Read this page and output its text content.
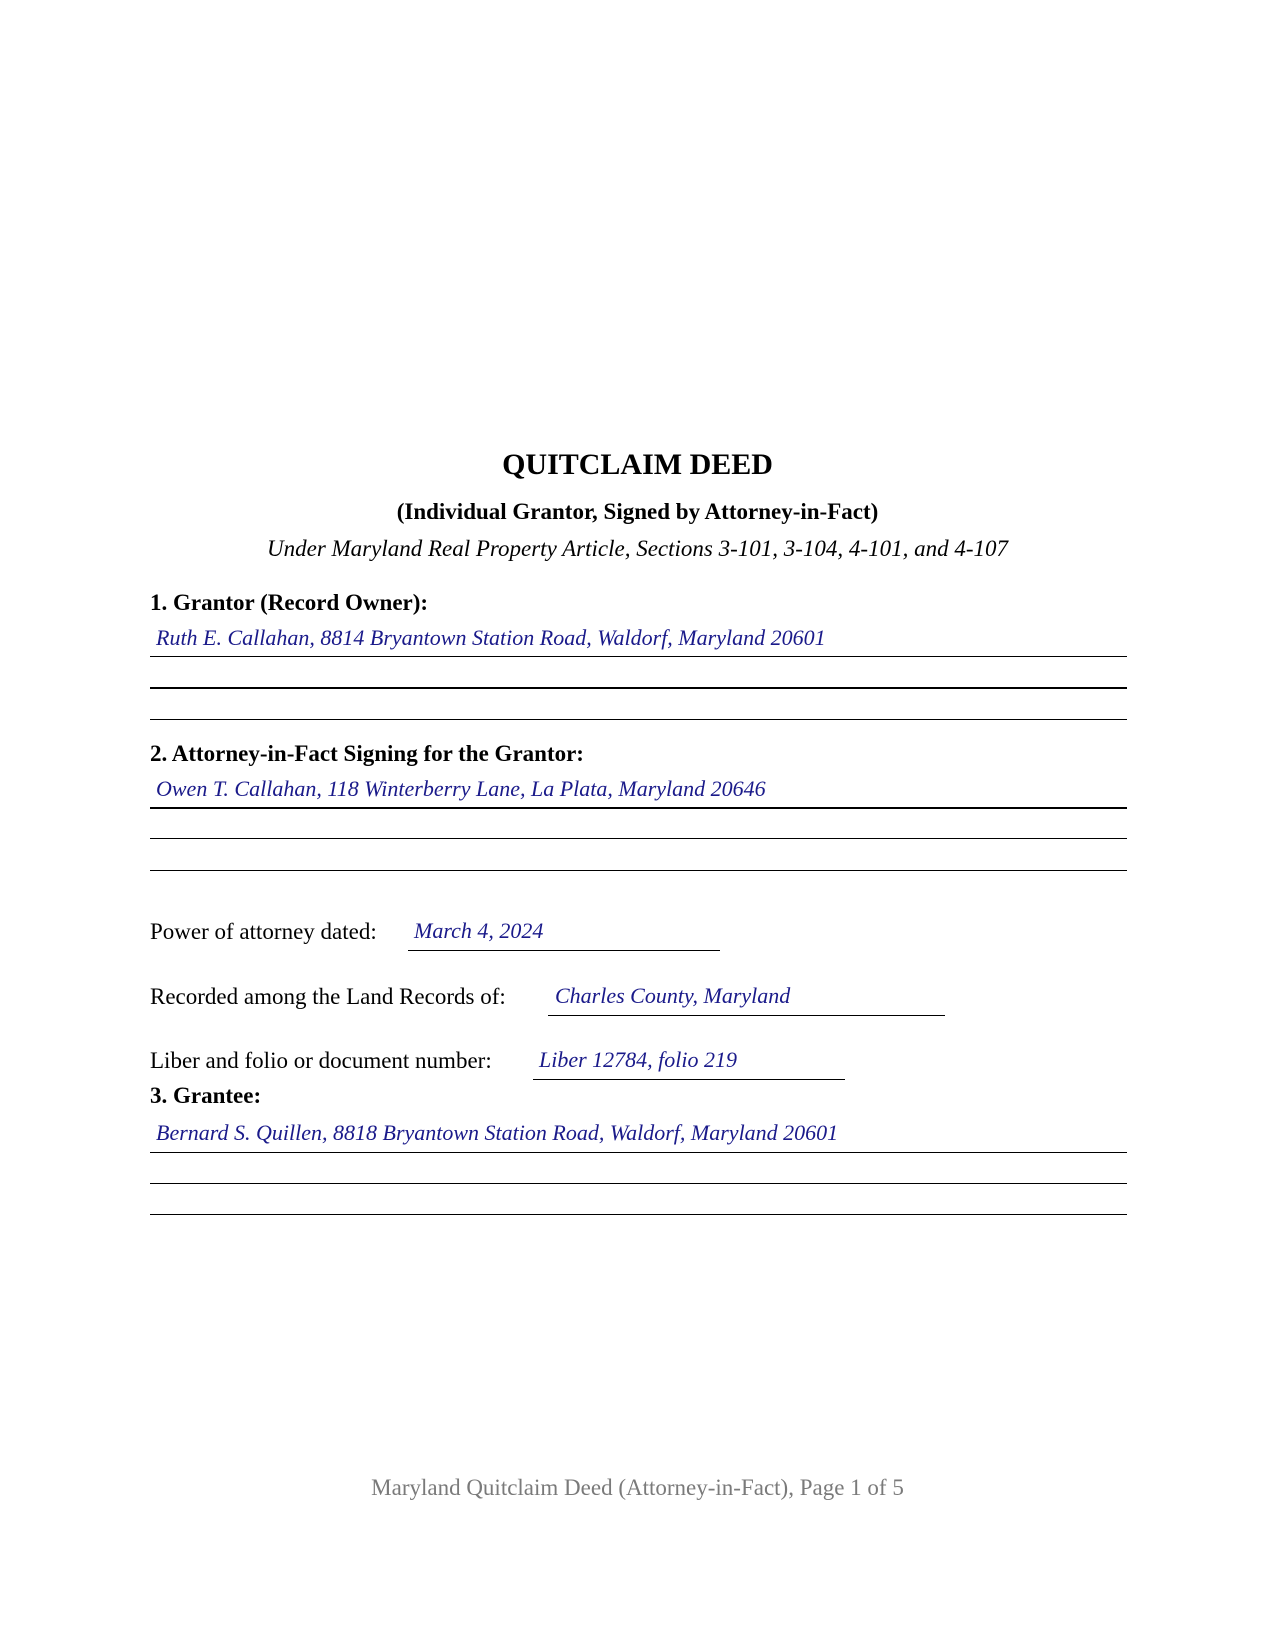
QUITCLAIM DEED
(Individual Grantor, Signed by Attorney-in-Fact)
Under Maryland Real Property Article, Sections 3-101, 3-104, 4-101, and 4-107
1. Grantor (Record Owner):
Ruth E. Callahan, 8814 Bryantown Station Road, Waldorf, Maryland 20601
2. Attorney-in-Fact Signing for the Grantor:
Owen T. Callahan, 118 Winterberry Lane, La Plata, Maryland 20646
Power of attorney dated: March 4, 2024
Recorded among the Land Records of: Charles County, Maryland
Liber and folio or document number: Liber 12784, folio 219
3. Grantee:
Bernard S. Quillen, 8818 Bryantown Station Road, Waldorf, Maryland 20601
Maryland Quitclaim Deed (Attorney-in-Fact), Page 1 of 5
